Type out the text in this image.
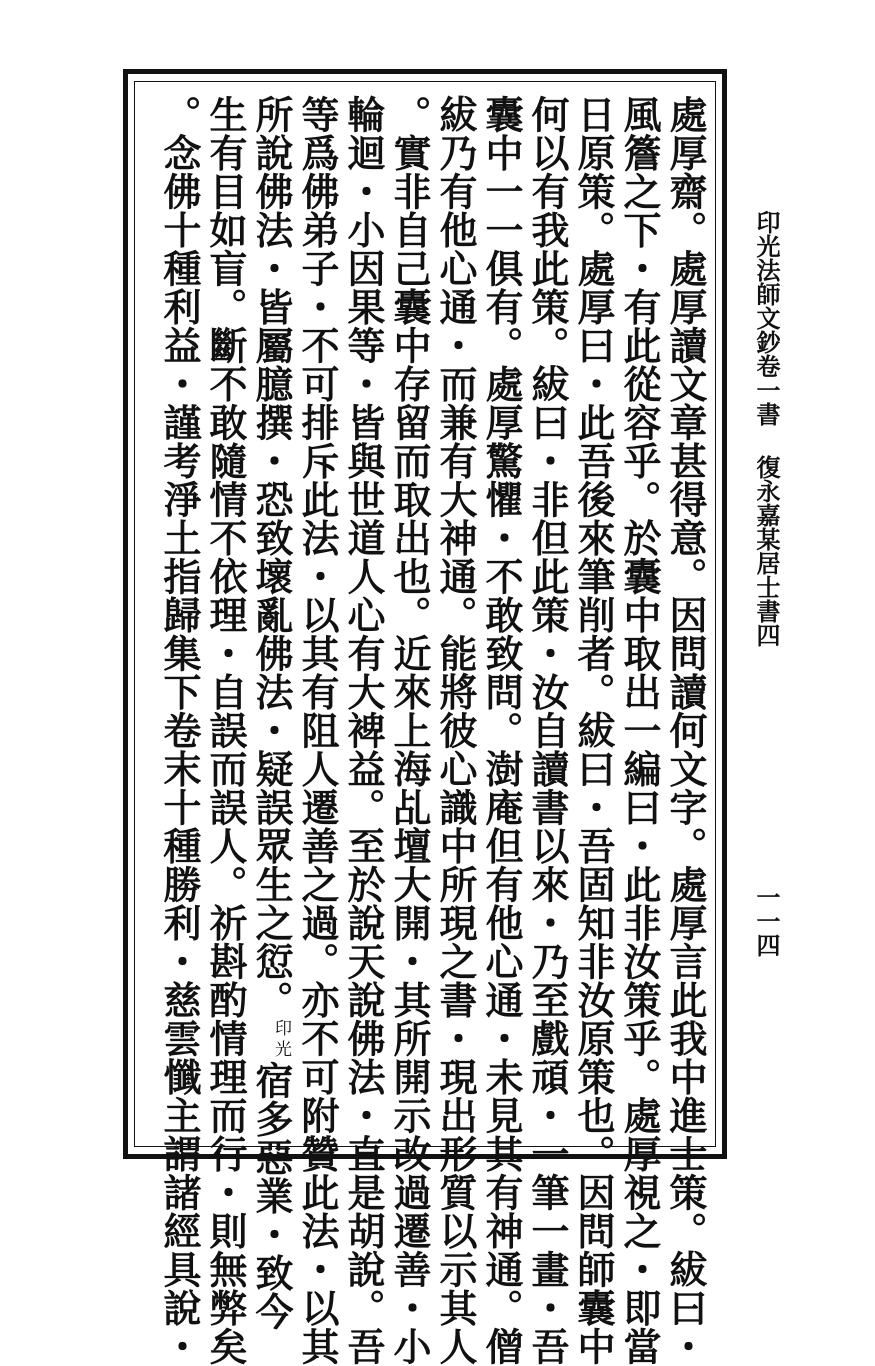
印光法師文鈔卷一
書
復永嘉某居士書四
一一四
處厚齋。處厚讀文章甚得意。因問讀何文字。處厚言此我中進士策。紱曰・
風簷之下・有此從容乎。於囊中取出一編曰・此非汝策乎。處厚視之・即當
日原策。處厚曰・此吾後來筆削者。紱曰・吾固知非汝原策也。因問師囊中
何以有我此策。紱曰・非但此策・汝自讀書以來・乃至戲頑・一筆一畫・吾
囊中一一俱有。處厚驚懼・不敢致問。澍庵但有他心通・未見其有神通。僧
紱乃有他心通・而兼有大神通。能將彼心識中所現之書・現出形質以示其人
。實非自己囊中存留而取出也。近來上海乩壇大開・其所開示改過遷善・小
輪迴・小因果等・皆與世道人心有大裨益。至於說天說佛法・直是胡說。吾
等爲佛弟子・不可排斥此法・以其有阻人遷善之過。亦不可附贊此法・以其
所說佛法・皆屬臆撰・恐致壞亂佛法・疑誤眾生之愆。印光宿多惡業・致今
生有目如盲。斷不敢隨情不依理・自誤而誤人。祈斟酌情理而行・則無弊矣
。念佛十種利益・謹考淨土指歸集下卷末十種勝利・慈雲懺主謂諸經具說・
